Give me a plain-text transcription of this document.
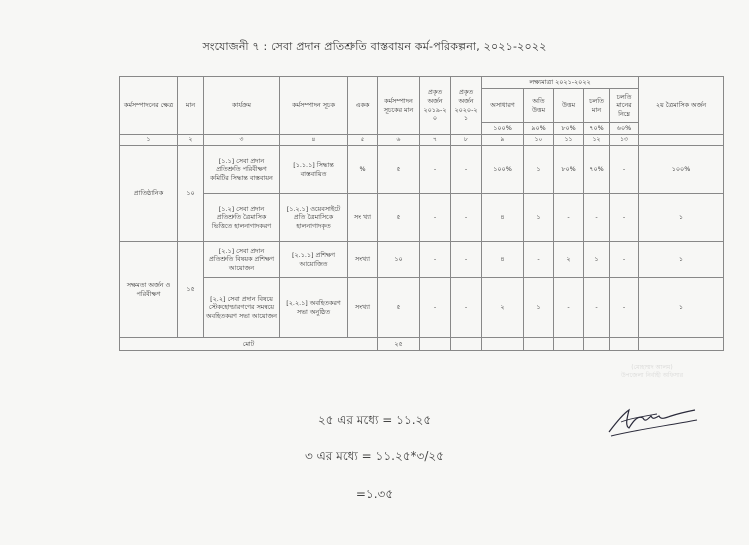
সংযোজনী ৭ : সেবা প্রদান প্রতিশ্রুতি বাস্তবায়ন কর্ম-পরিকল্পনা, ২০২১-২০২২
কর্মসম্পাদনের ক্ষেত্র	মান	কার্যক্রম	কর্মসম্পাদন সূচক	একক	কর্মসম্পাদন সূচকের মান	প্রকৃত অর্জন ২০১৯-২০	প্রকৃত অর্জন ২০২০-২১	লক্ষ্যমাত্রা ২০২১-২০২২					২য় ত্রৈমাসিক অর্জন
								অসাধারণ	অতি উত্তম	উত্তম	চলতি মান	চলতি মানের নিম্নে	
								১০০%	৯০%	৮০%	৭০%	৬০%	
১	২	৩	৪	৫	৬	৭	৮	৯	১০	১১	১২	১৩	
প্রাতিষ্ঠানিক	১০	[১.১] সেবা প্রদান প্রতিশ্রুতি পরিবীক্ষণ কমিটির সিদ্ধান্ত বাস্তবায়ন	[১.১.১] সিদ্ধান্ত বাস্তবায়িত	%	৫	-	-	১০০%	১	৮০%	৭০%	-	১০০%
		[১.২] সেবা প্রদান প্রতিশ্রুতি ত্রৈমাসিক ভিত্তিতে হালনাগাদকরণ	[১.২.১] ওয়েবসাইটে প্রতি ত্রৈমাসিকে হালনাগাদকৃত	সং খ্যা	৫	-	-	৪	১	-	-	-	১
সক্ষমতা অর্জন ও পরিবীক্ষণ	১৫	[২.১] সেবা প্রদান প্রতিশ্রুতি বিষয়ক প্রশিক্ষণ আয়োজন	[২.১.১] প্রশিক্ষণ আয়োজিত	সংখ্যা	১০	-	-	৪	-	২	১	-	১
		[২.২] সেবা প্রদান বিষয়ে স্টেকহোল্ডারগণের সমন্বয়ে অবহিতকরণ সভা আয়োজন	[২.২.১] অবহিতকরণ সভা অনুষ্ঠিত	সংখ্যা	৫	-	-	২	১	-	-	-	১
মোট					২৫								
(মোহাম্মদ আলম)
উপজেলা নির্বাহী অফিসার
২৫ এর মধ্যে = ১১.২৫
৩ এর মধ্যে = ১১.২৫*৩/২৫
=১.৩৫
